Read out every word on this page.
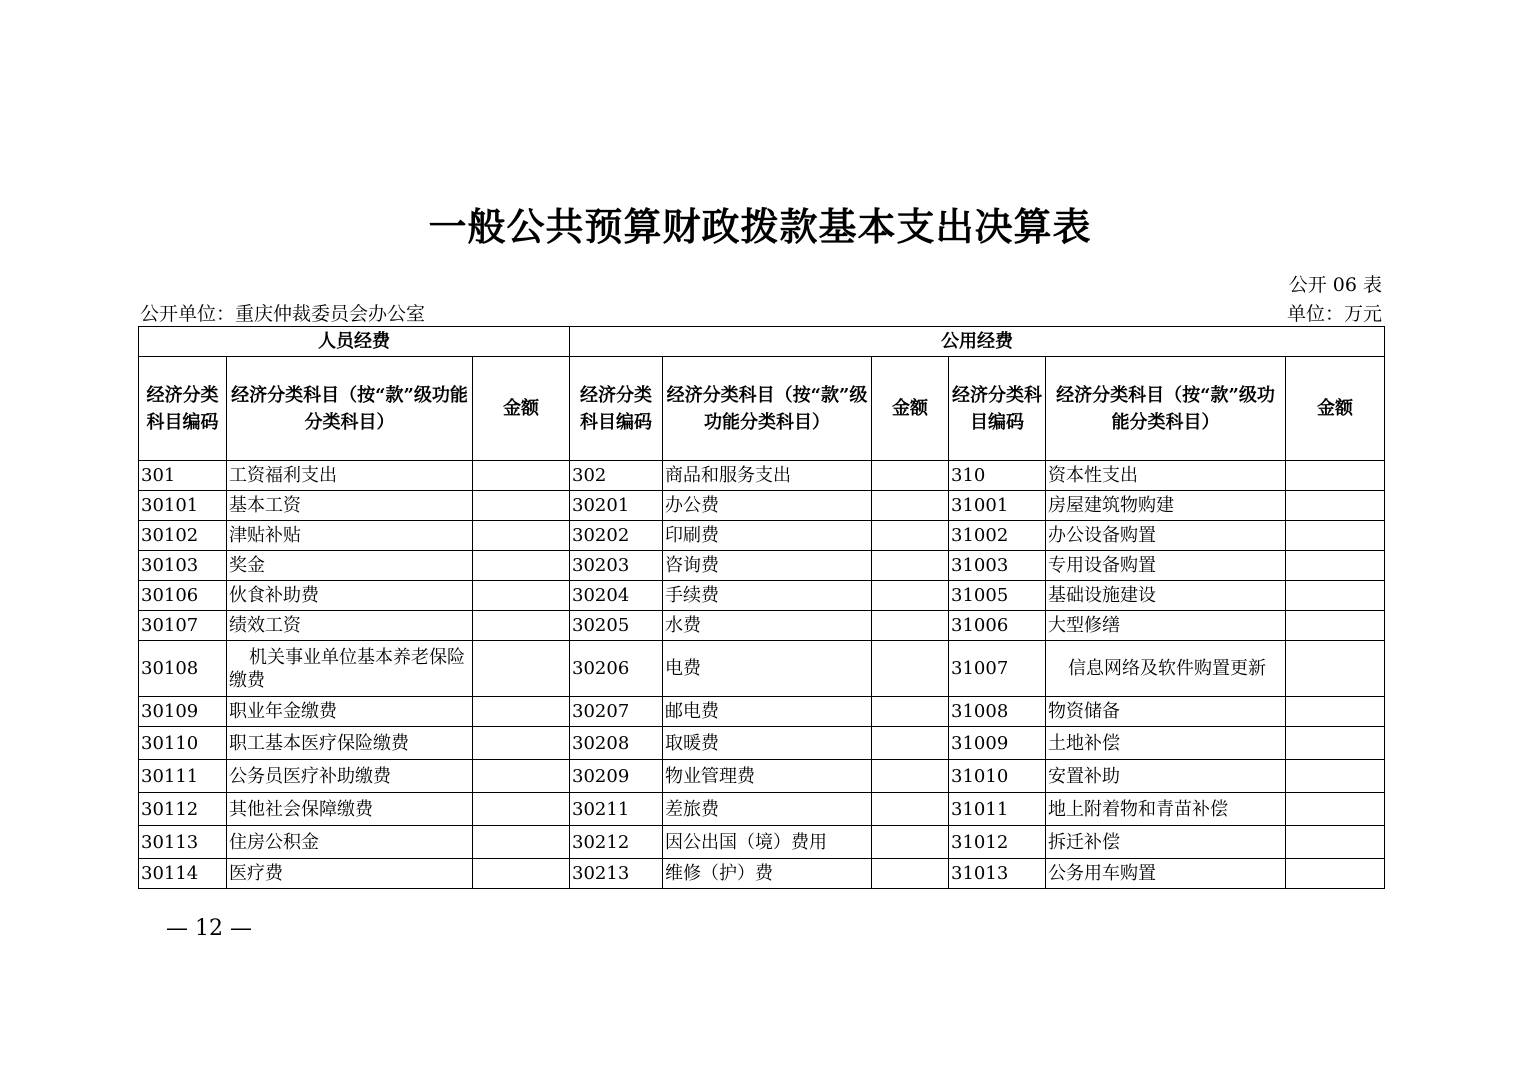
一般公共预算财政拨款基本支出决算表
公开 06 表
公开单位：重庆仲裁委员会办公室	单位：万元
人员经费			公用经费					
经济分类科目编码	经济分类科目（按“款”级功能分类科目）	金额	经济分类科目编码	经济分类科目（按“款”级功能分类科目）	金额	经济分类科目编码	经济分类科目（按“款”级功能分类科目）	金额
301	工资福利支出		302	商品和服务支出		310	资本性支出	
30101	基本工资		30201	办公费		31001	房屋建筑物购建	
30102	津贴补贴		30202	印刷费		31002	办公设备购置	
30103	奖金		30203	咨询费		31003	专用设备购置	
30106	伙食补助费		30204	手续费		31005	基础设施建设	
30107	绩效工资		30205	水费		31006	大型修缮	
30108	机关事业单位基本养老保险缴费		30206	电费		31007	信息网络及软件购置更新	
30109	职业年金缴费		30207	邮电费		31008	物资储备	
30110	职工基本医疗保险缴费		30208	取暖费		31009	土地补偿	
30111	公务员医疗补助缴费		30209	物业管理费		31010	安置补助	
30112	其他社会保障缴费		30211	差旅费		31011	地上附着物和青苗补偿	
30113	住房公积金		30212	因公出国（境）费用		31012	拆迁补偿	
30114	医疗费		30213	维修（护）费		31013	公务用车购置	
— 12 —
